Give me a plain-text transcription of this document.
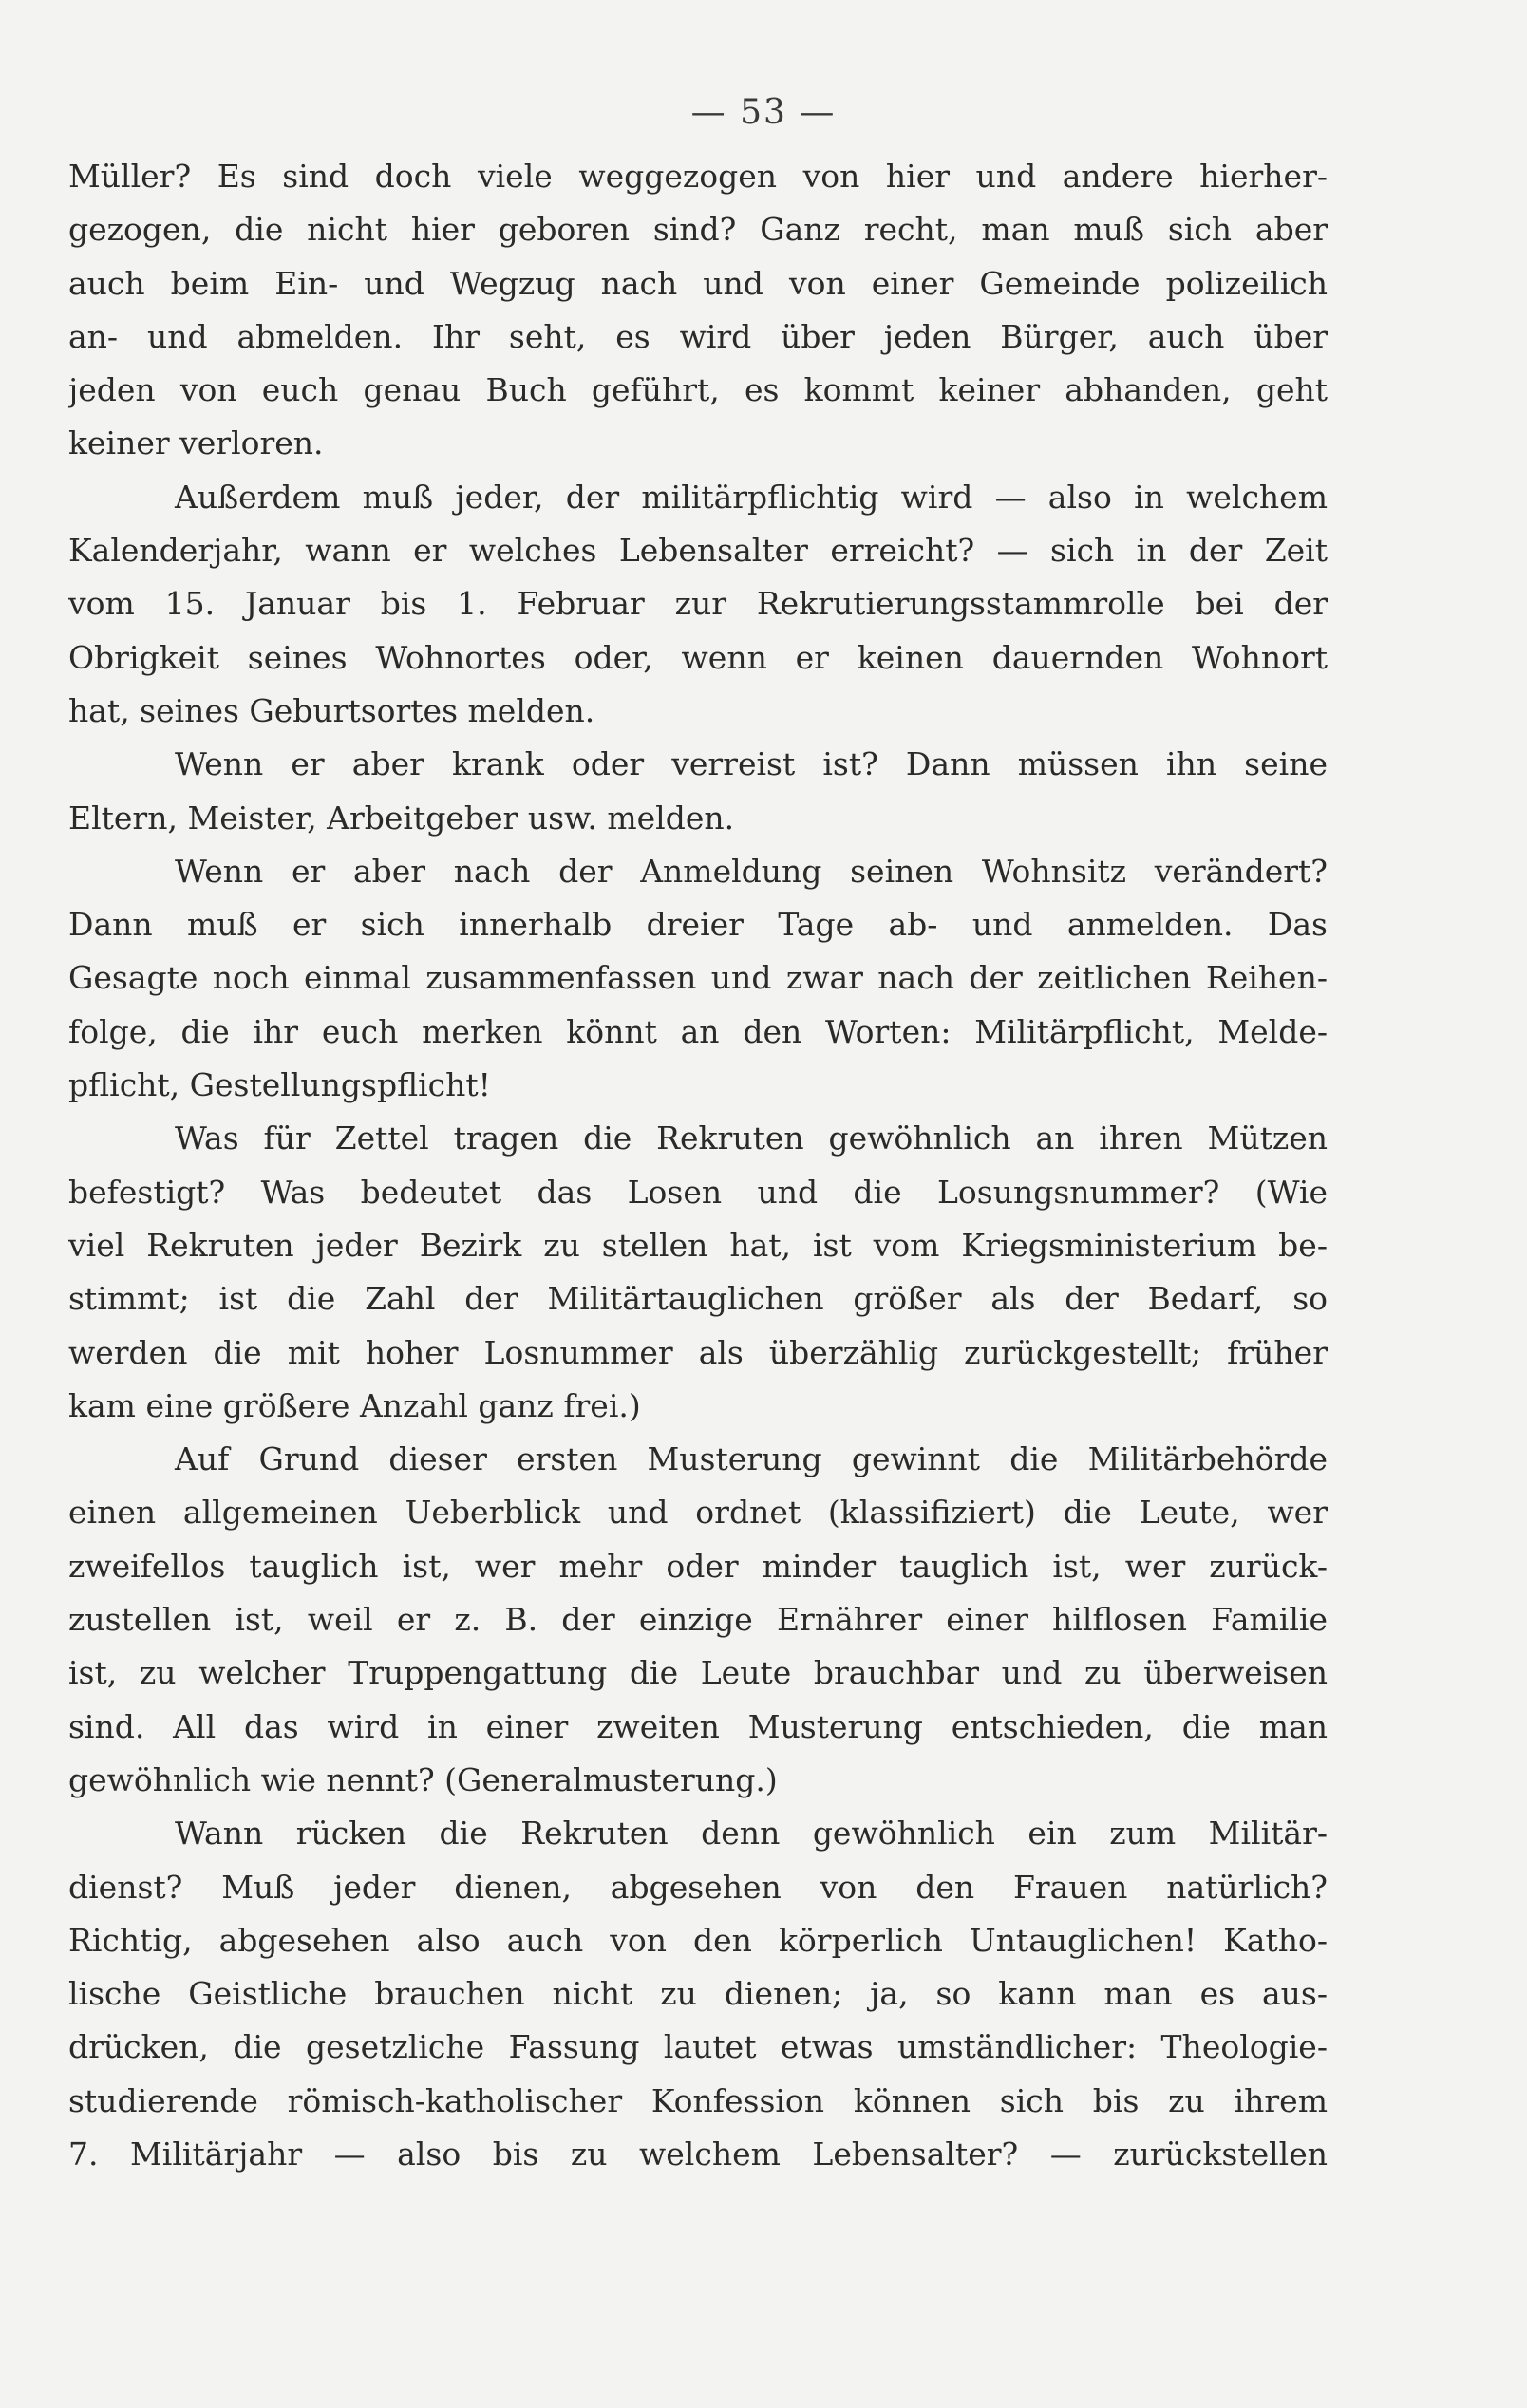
— 53 —
Müller? Es sind doch viele weggezogen von hier und andere hierher-
gezogen, die nicht hier geboren sind? Ganz recht, man muß sich aber
auch beim Ein- und Wegzug nach und von einer Gemeinde polizeilich
an- und abmelden. Ihr seht, es wird über jeden Bürger, auch über
jeden von euch genau Buch geführt, es kommt keiner abhanden, geht
keiner verloren.
Außerdem muß jeder, der militärpflichtig wird — also in welchem
Kalenderjahr, wann er welches Lebensalter erreicht? — sich in der Zeit
vom 15. Januar bis 1. Februar zur Rekrutierungsstammrolle bei der
Obrigkeit seines Wohnortes oder, wenn er keinen dauernden Wohnort
hat, seines Geburtsortes melden.
Wenn er aber krank oder verreist ist? Dann müssen ihn seine
Eltern, Meister, Arbeitgeber usw. melden.
Wenn er aber nach der Anmeldung seinen Wohnsitz verändert?
Dann muß er sich innerhalb dreier Tage ab- und anmelden. Das
Gesagte noch einmal zusammenfassen und zwar nach der zeitlichen Reihen-
folge, die ihr euch merken könnt an den Worten: Militärpflicht, Melde-
pflicht, Gestellungspflicht!
Was für Zettel tragen die Rekruten gewöhnlich an ihren Mützen
befestigt? Was bedeutet das Losen und die Losungsnummer? (Wie
viel Rekruten jeder Bezirk zu stellen hat, ist vom Kriegsministerium be-
stimmt; ist die Zahl der Militärtauglichen größer als der Bedarf, so
werden die mit hoher Losnummer als überzählig zurückgestellt; früher
kam eine größere Anzahl ganz frei.)
Auf Grund dieser ersten Musterung gewinnt die Militärbehörde
einen allgemeinen Ueberblick und ordnet (klassifiziert) die Leute, wer
zweifellos tauglich ist, wer mehr oder minder tauglich ist, wer zurück-
zustellen ist, weil er z. B. der einzige Ernährer einer hilflosen Familie
ist, zu welcher Truppengattung die Leute brauchbar und zu überweisen
sind. All das wird in einer zweiten Musterung entschieden, die man
gewöhnlich wie nennt? (Generalmusterung.)
Wann rücken die Rekruten denn gewöhnlich ein zum Militär-
dienst? Muß jeder dienen, abgesehen von den Frauen natürlich?
Richtig, abgesehen also auch von den körperlich Untauglichen! Katho-
lische Geistliche brauchen nicht zu dienen; ja, so kann man es aus-
drücken, die gesetzliche Fassung lautet etwas umständlicher: Theologie-
studierende römisch-katholischer Konfession können sich bis zu ihrem
7. Militärjahr — also bis zu welchem Lebensalter? — zurückstellen
